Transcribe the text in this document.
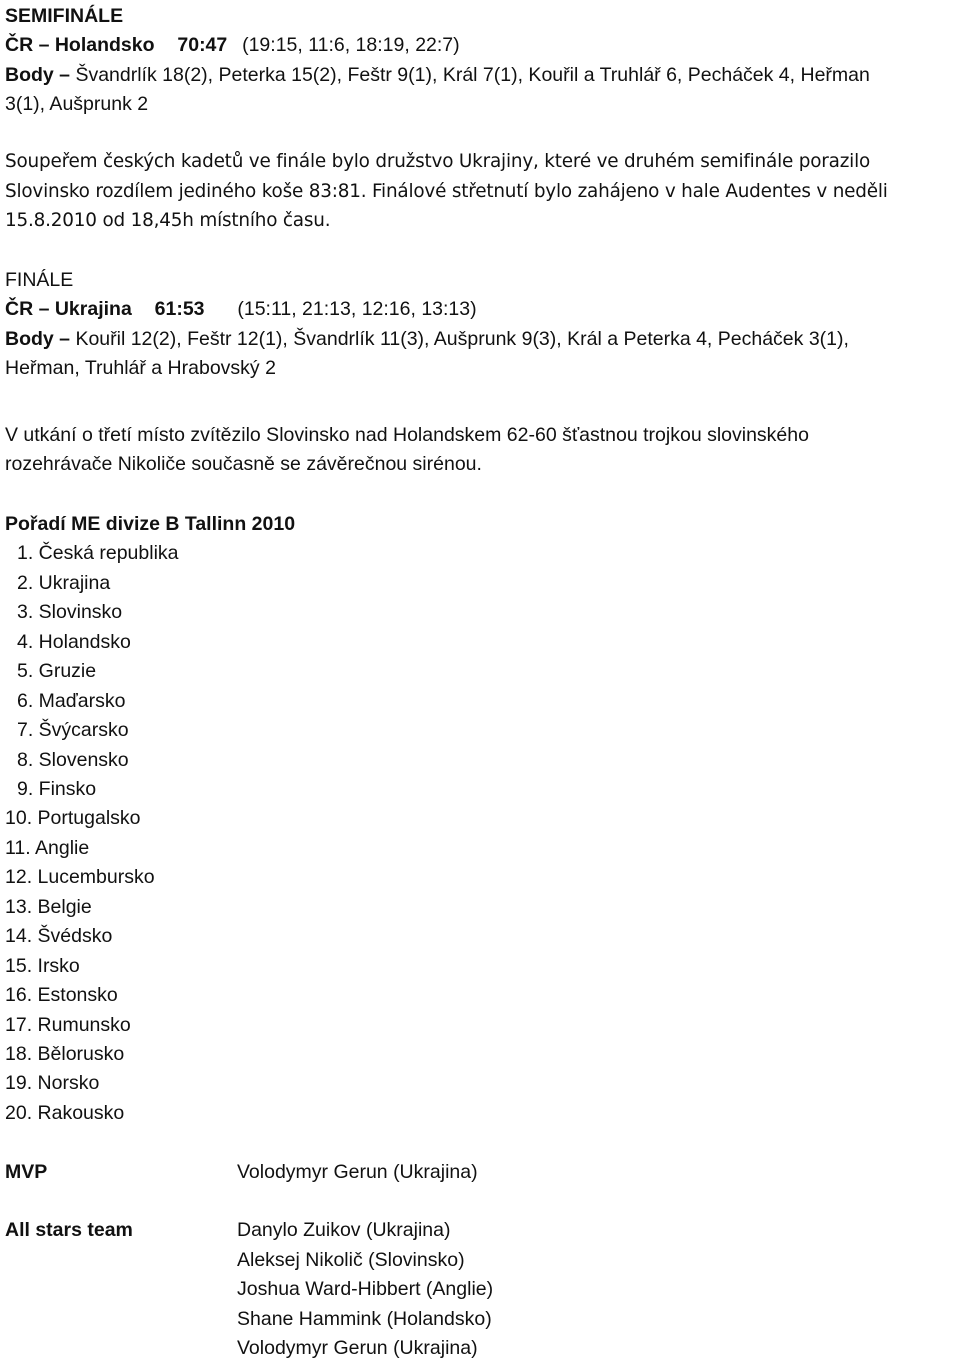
SEMIFINÁLE
ČR – Holandsko 70:47 (19:15, 11:6, 18:19, 22:7)
Body – Švandrlík 18(2), Peterka 15(2), Feštr 9(1), Král 7(1), Kouřil a Truhlář 6, Pecháček 4, Heřman
3(1), Aušprunk 2
Soupeřem českých kadetů ve finále bylo družstvo Ukrajiny, které ve druhém semifinále porazilo
Slovinsko rozdílem jediného koše 83:81. Finálové střetnutí bylo zahájeno v hale Audentes v neděli
15.8.2010 od 18,45h místního času.
FINÁLE
ČR – Ukrajina 61:53 (15:11, 21:13, 12:16, 13:13)
Body – Kouřil 12(2), Feštr 12(1), Švandrlík 11(3), Aušprunk 9(3), Král a Peterka 4, Pecháček 3(1),
Heřman, Truhlář a Hrabovský 2
V utkání o třetí místo zvítězilo Slovinsko nad Holandskem 62-60 šťastnou trojkou slovinského
rozehrávače Nikoliče současně se závěrečnou sirénou.
Pořadí ME divize B Tallinn 2010
1. Česká republika
2. Ukrajina
3. Slovinsko
4. Holandsko
5. Gruzie
6. Maďarsko
7. Švýcarsko
8. Slovensko
9. Finsko
10. Portugalsko
11. Anglie
12. Lucembursko
13. Belgie
14. Švédsko
15. Irsko
16. Estonsko
17. Rumunsko
18. Bělorusko
19. Norsko
20. Rakousko
MVP	Volodymyr Gerun (Ukrajina)
All stars team	Danylo Zuikov (Ukrajina)
Aleksej Nikolič (Slovinsko)
Joshua Ward-Hibbert (Anglie)
Shane Hammink (Holandsko)
Volodymyr Gerun (Ukrajina)
